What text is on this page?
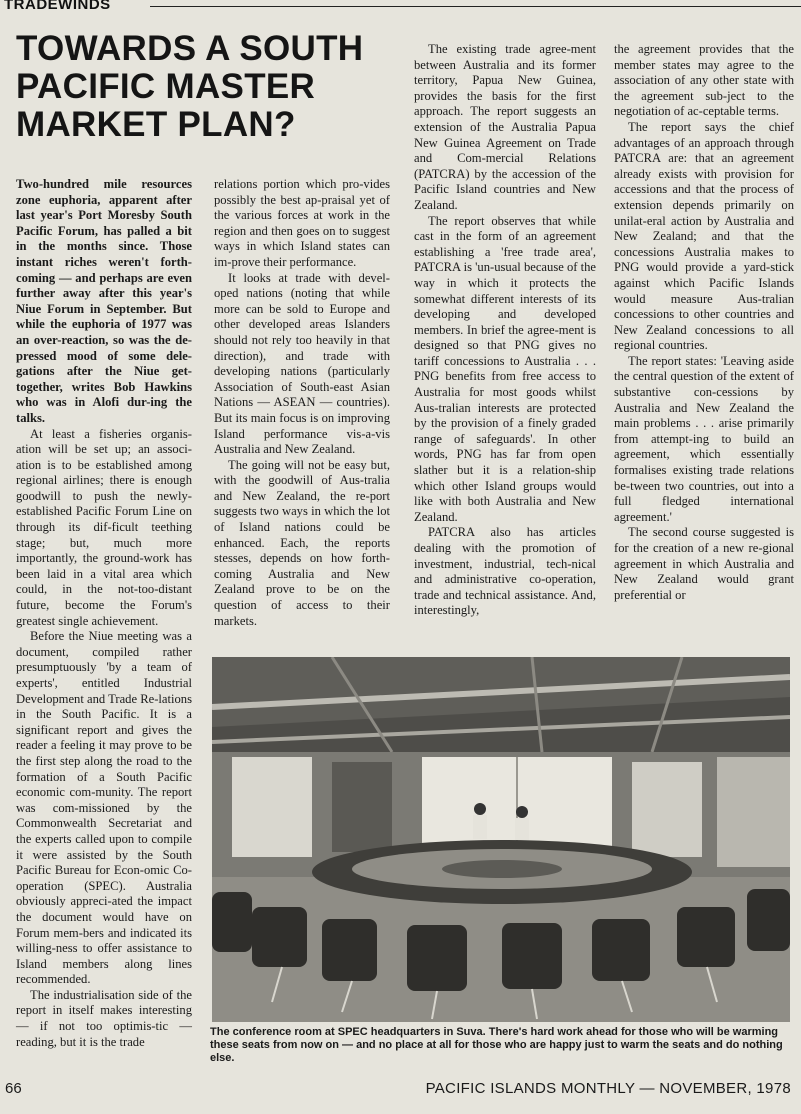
TRADEWINDS
TOWARDS A SOUTH PACIFIC MASTER MARKET PLAN?

Two-hundred mile resources zone euphoria, apparent after last year's Port Moresby South Pacific Forum, has palled a bit in the months since. Those instant riches weren't forth-coming — and perhaps are even further away after this year's Niue Forum in September. But while the euphoria of 1977 was an over-reaction, so was the de-pressed mood of some dele-gations after the Niue get-together, writes Bob Hawkins who was in Alofi dur-ing the talks.

At least a fisheries organis-ation will be set up; an associ-ation is to be established among regional airlines; there is enough goodwill to push the newly-established Pacific Forum Line on through its dif-ficult teething stage; but, much more importantly, the ground-work has been laid in a vital area which could, in the not-too-distant future, become the Forum's greatest single achievement.

Before the Niue meeting was a document, compiled rather presumptuously 'by a team of experts', entitled Industrial Development and Trade Re-lations in the South Pacific. It is a significant report and gives the reader a feeling it may prove to be the first step along the road to the formation of a South Pacific economic com-munity. The report was com-missioned by the Commonwealth Secretariat and the experts called upon to compile it were assisted by the South Pacific Bureau for Econ-omic Co-operation (SPEC). Australia obviously appreci-ated the impact the document would have on Forum mem-bers and indicated its willing-ness to offer assistance to Island members along lines recommended.

The industrialisation side of the report in itself makes interesting — if not too optimis-tic — reading, but it is the trade

relations portion which pro-vides possibly the best ap-praisal yet of the various forces at work in the region and then goes on to suggest ways in which Island states can im-prove their performance.

It looks at trade with devel-oped nations (noting that while more can be sold to Europe and other developed areas Islanders should not rely too heavily in that direction), and trade with developing nations (particularly Association of South-east Asian Nations — ASEAN — countries). But its main focus is on improving Island performance vis-a-vis Australia and New Zealand.

The going will not be easy but, with the goodwill of Aus-tralia and New Zealand, the re-port suggests two ways in which the lot of Island nations could be enhanced. Each, the reports stesses, depends on how forth-coming Australia and New Zealand prove to be on the question of access to their markets.

The existing trade agree-ment between Australia and its former territory, Papua New Guinea, provides the basis for the first approach. The report suggests an extension of the Australia Papua New Guinea Agreement on Trade and Com-mercial Relations (PATCRA) by the accession of the Pacific Island countries and New Zealand.

The report observes that while cast in the form of an agreement establishing a 'free trade area', PATCRA is 'un-usual because of the way in which it protects the somewhat different interests of its developing and developed members. In brief the agree-ment is designed so that PNG gives no tariff concessions to Australia . . . PNG benefits from free access to Australia for most goods whilst Aus-tralian interests are protected by the provision of a finely graded range of safeguards'. In other words, PNG has far from open slather but it is a relation-ship which other Island groups would like with both Australia and New Zealand.

PATCRA also has articles dealing with the promotion of investment, industrial, tech-nical and administrative co-operation, trade and technical assistance. And, interestingly,

the agreement provides that the member states may agree to the association of any other state with the agreement sub-ject to the negotiation of ac-ceptable terms.

The report says the chief advantages of an approach through PATCRA are: that an agreement already exists with provision for accessions and that the process of extension depends primarily on unilat-eral action by Australia and New Zealand; and that the concessions Australia makes to PNG would provide a yard-stick against which Pacific Islands would measure Aus-tralian concessions to other countries and New Zealand concessions to all regional countries.

The report states: 'Leaving aside the central question of the extent of substantive con-cessions by Australia and New Zealand the main problems . . . arise primarily from attempt-ing to build an agreement, which essentially formalises existing trade relations be-tween two countries, out into a full fledged international agreement.'

The second course suggested is for the creation of a new re-gional agreement in which Australia and New Zealand would grant preferential or

The conference room at SPEC headquarters in Suva. There's hard work ahead for those who will be warming these seats from now on — and no place at all for those who are happy just to warm the seats and do nothing else.

66	PACIFIC ISLANDS MONTHLY — NOVEMBER, 1978
